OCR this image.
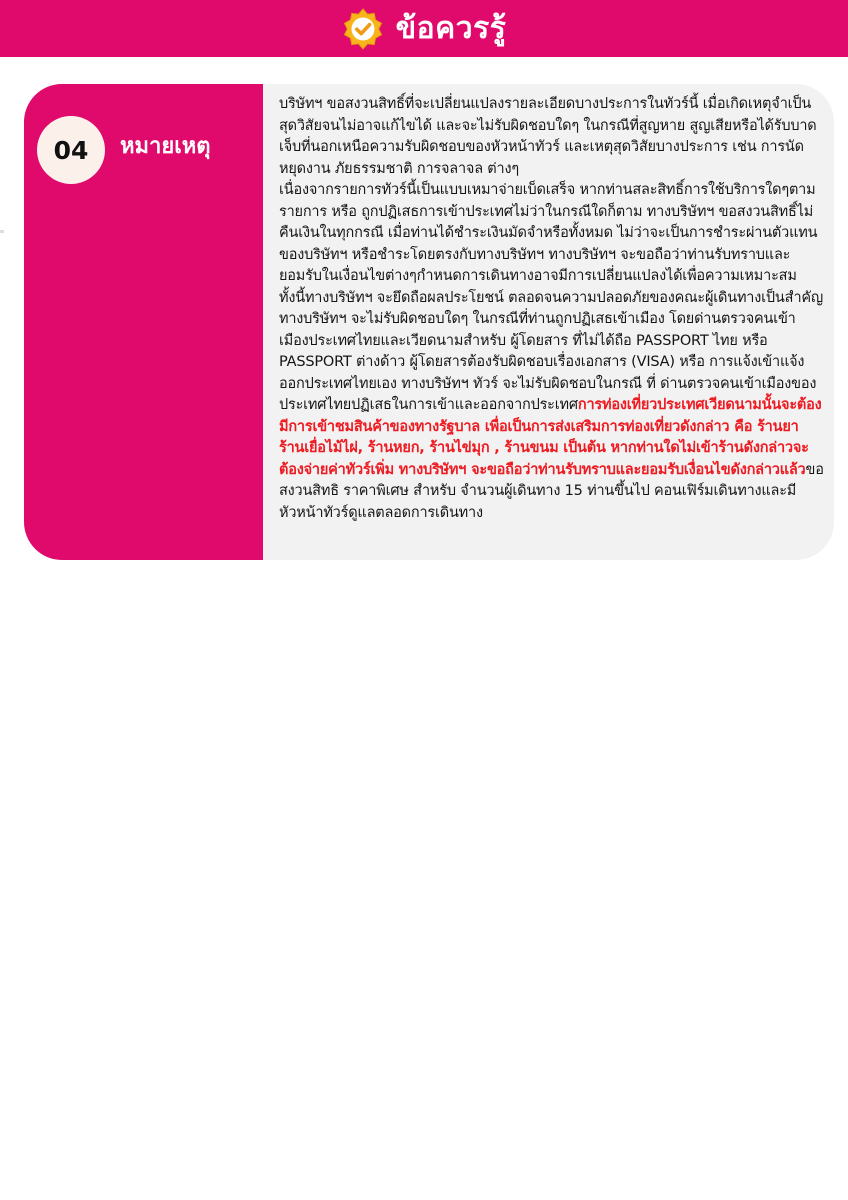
ข้อควรรู้
04	หมายเหตุ

บริษัทฯ ขอสงวนสิทธิ์ที่จะเปลี่ยนแปลงรายละเอียดบางประการในทัวร์นี้ เมื่อเกิดเหตุจำเป็นสุดวิสัยจนไม่อาจแก้ไขได้ และจะไม่รับผิดชอบใดๆ ในกรณีที่สูญหาย สูญเสียหรือได้รับบาดเจ็บที่นอกเหนือความรับผิดชอบของหัวหน้าทัวร์ และเหตุสุดวิสัยบางประการ เช่น การนัดหยุดงาน ภัยธรรมชาติ การจลาจล ต่างๆ

เนื่องจากรายการทัวร์นี้เป็นแบบเหมาจ่ายเบ็ดเสร็จ หากท่านสละสิทธิ์การใช้บริการใดๆตามรายการ หรือ ถูกปฏิเสธการเข้าประเทศไม่ว่าในกรณีใดก็ตาม ทางบริษัทฯ ขอสงวนสิทธิ์ไม่คืนเงินในทุกกรณี เมื่อท่านได้ชำระเงินมัดจำหรือทั้งหมด ไม่ว่าจะเป็นการชำระผ่านตัวแทนของบริษัทฯ หรือชำระโดยตรงกับทางบริษัทฯ ทางบริษัทฯ จะขอถือว่าท่านรับทราบและยอมรับในเงื่อนไขต่างๆกำหนดการเดินทางอาจมีการเปลี่ยนแปลงได้เพื่อความเหมาะสม ทั้งนี้ทางบริษัทฯ จะยึดถือผลประโยชน์ ตลอดจนความปลอดภัยของคณะผู้เดินทางเป็นสำคัญ ทางบริษัทฯ จะไม่รับผิดชอบใดๆ ในกรณีที่ท่านถูกปฏิเสธเข้าเมือง โดยด่านตรวจคนเข้าเมืองประเทศไทยและเวียดนามสำหรับ ผู้โดยสาร ที่ไม่ได้ถือ PASSPORT ไทย หรือ PASSPORT ต่างด้าว ผู้โดยสารต้องรับผิดชอบเรื่องเอกสาร (VISA) หรือ การแจ้งเข้าแจ้งออกประเทศไทยเอง ทางบริษัทฯ ทัวร์ จะไม่รับผิดชอบในกรณี ที่ ด่านตรวจคนเข้าเมืองของประเทศไทยปฏิเสธในการเข้าและออกจากประเทศการท่องเที่ยวประเทศเวียดนามนั้นจะต้องมีการเข้าชมสินค้าของทางรัฐบาล เพื่อเป็นการส่งเสริมการท่องเที่ยวดังกล่าว คือ ร้านยา ร้านเยื่อไม้ไผ่, ร้านหยก, ร้านไข่มุก , ร้านขนม เป็นต้น หากท่านใดไม่เข้าร้านดังกล่าวจะต้องจ่ายค่าทัวร์เพิ่ม ทางบริษัทฯ จะขอถือว่าท่านรับทราบและยอมรับเงื่อนไขดังกล่าวแล้วขอสงวนสิทธิ ราคาพิเศษ สำหรับ จำนวนผู้เดินทาง 15 ท่านขึ้นไป คอนเฟิร์มเดินทางและมีหัวหน้าทัวร์ดูแลตลอดการเดินทาง
